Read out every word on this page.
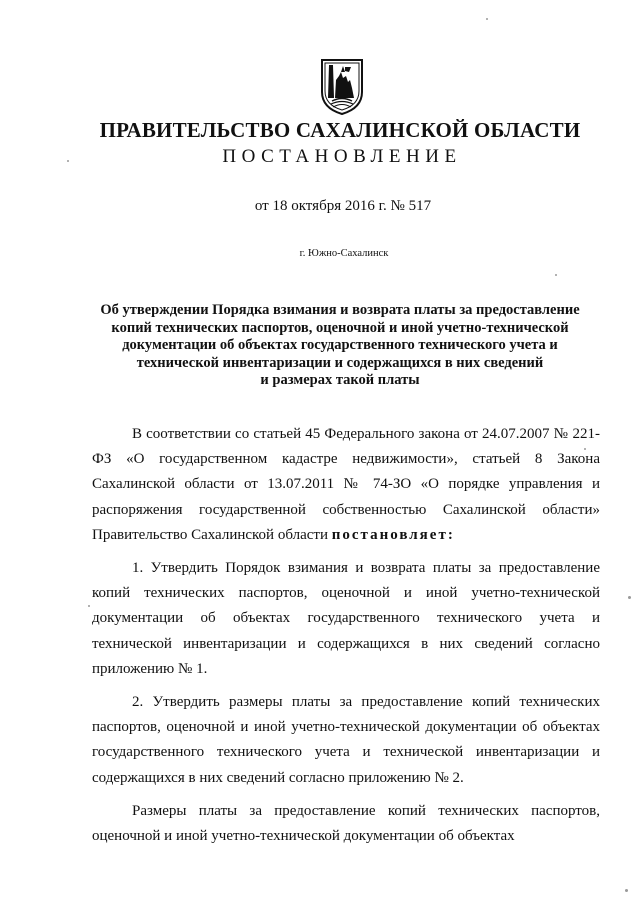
ПРАВИТЕЛЬСТВО САХАЛИНСКОЙ ОБЛАСТИ
ПОСТАНОВЛЕНИЕ
от 18 октября 2016 г. № 517
г. Южно-Сахалинск
Об утверждении Порядка взимания и возврата платы за предоставление
копий технических паспортов, оценочной и иной учетно-технической
документации об объектах государственного технического учета и
технической инвентаризации и содержащихся в них сведений
и размерах такой платы

В соответствии со статьей 45 Федерального закона от 24.07.2007 № 221-ФЗ «О государственном кадастре недвижимости», статьей 8 Закона Сахалинской области от 13.07.2011 № 74-ЗО «О порядке управления и распоряжения государственной собственностью Сахалинской области» Правительство Сахалинской области постановляет:

1. Утвердить Порядок взимания и возврата платы за предоставление копий технических паспортов, оценочной и иной учетно-технической документации об объектах государственного технического учета и технической инвентаризации и содержащихся в них сведений согласно приложению № 1.

2. Утвердить размеры платы за предоставление копий технических паспортов, оценочной и иной учетно-технической документации об объектах государственного технического учета и технической инвентаризации и содержащихся в них сведений согласно приложению № 2.

Размеры платы за предоставление копий технических паспортов, оценочной и иной учетно-технической документации об объектах
